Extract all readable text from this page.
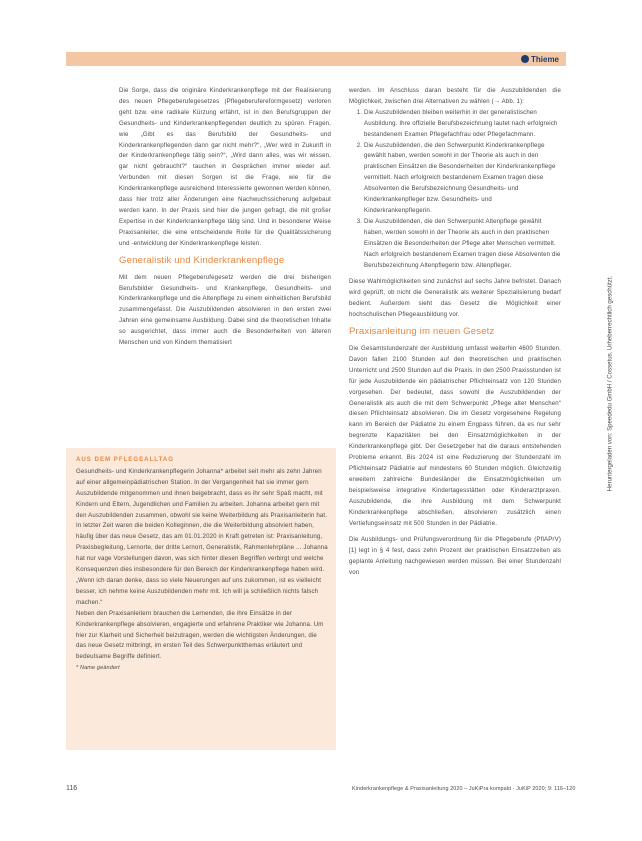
Thieme

Die Sorge, dass die originäre Kinderkrankenpflege mit der Realisierung des neuen Pflegeberufegesetzes (Pflegeberufereformgesetz) verloren geht bzw. eine radikale Kürzung erfährt, ist in den Berufsgruppen der Gesundheits- und Kinderkrankenpflegenden deutlich zu spüren. Fragen, wie „Gibt es das Berufsbild der Gesundheits- und Kinderkrankenpflegenden dann gar nicht mehr?“, „Wer wird in Zukunft in der Kinderkrankenpflege tätig sein?“, „Wird dann alles, was wir wissen, gar nicht gebraucht?“ tauchen in Gesprächen immer wieder auf. Verbunden mit diesen Sorgen ist die Frage, wie für die Kinderkrankenpflege ausreichend Interessierte gewonnen werden können, dass hier trotz aller Änderungen eine Nachwuchssicherung aufgebaut werden kann. In der Praxis sind hier die jungen gefragt, die mit großer Expertise in der Kinderkrankenpflege tätig sind. Und in besonderer Weise Praxisanleiter, die eine entscheidende Rolle für die Qualitätssicherung und -entwicklung der Kinderkrankenpflege leisten.

Generalistik und Kinderkrankenpflege

Mit dem neuen Pflegeberufegesetz werden die drei bisherigen Berufsbilder Gesundheits- und Krankenpflege, Gesundheits- und Kinderkrankenpflege und die Altenpflege zu einem einheitlichen Berufsbild zusammengefasst. Die Auszubildenden absolvieren in den ersten zwei Jahren eine gemeinsame Ausbildung. Dabei sind die theoretischen Inhalte so ausgerichtet, dass immer auch die Besonderheiten von älteren Menschen und von Kindern thematisiert

AUS DEM PFLEGEALLTAG

Gesundheits- und Kinderkrankenpflegerin Johanna* arbeitet seit mehr als zehn Jahren auf einer allgemeinpädiatrischen Station. In der Vergangenheit hat sie immer gern Auszubildende mitgenommen und ihnen beigebracht, dass es ihr sehr Spaß macht, mit Kindern und Eltern, Jugendlichen und Familien zu arbeiten. Johanna arbeitet gern mit den Auszubildenden zusammen, obwohl sie keine Weiterbildung als Praxisanleiterin hat. In letzter Zeit waren die beiden Kolleginnen, die die Weiterbildung absolviert haben, häufig über das neue Gesetz, das am 01.01.2020 in Kraft getreten ist: Praxisanleitung, Praxisbegleitung, Lernorte, der dritte Lernort, Generalistik, Rahmenlehrpläne ... Johanna hat nur vage Vorstellungen davon, was sich hinter diesen Begriffen verbirgt und welche Konsequenzen dies insbesondere für den Bereich der Kinderkrankenpflege haben wird. „Wenn ich daran denke, dass so viele Neuerungen auf uns zukommen, ist es vielleicht besser, ich nehme keine Auszubildenden mehr mit. Ich will ja schließlich nichts falsch machen.“

Neben den Praxisanleitern brauchen die Lernenden, die ihre Einsätze in der Kinderkrankenpflege absolvieren, engagierte und erfahrene Praktiker wie Johanna. Um hier zur Klarheit und Sicherheit beizutragen, werden die wichtigsten Änderungen, die das neue Gesetz mitbringt, im ersten Teil des Schwerpunktthemas erläutert und bedeutsame Begriffe definiert.

* Name geändert

werden. Im Anschluss daran besteht für die Auszubildenden die Möglichkeit, zwischen drei Alternativen zu wählen (→ Abb. 1):

1. Die Auszubildenden bleiben weiterhin in der generalistischen Ausbildung. Ihre offizielle Berufsbezeichnung lautet nach erfolgreich bestandenem Examen Pflegefachfrau oder Pflegefachmann.
2. Die Auszubildenden, die den Schwerpunkt Kinderkrankenpflege gewählt haben, werden sowohl in der Theorie als auch in den praktischen Einsätzen die Besonderheiten der Kinderkrankenpflege vermittelt. Nach erfolgreich bestandenem Examen tragen diese Absolventen die Berufsbezeichnung Gesundheits- und Kinderkrankenpfleger bzw. Gesundheits- und Kinderkrankenpflegerin.
3. Die Auszubildenden, die den Schwerpunkt Altenpflege gewählt haben, werden sowohl in der Theorie als auch in den praktischen Einsätzen die Besonderheiten der Pflege alter Menschen vermittelt. Nach erfolgreich bestandenem Examen tragen diese Absolventen die Berufsbezeichnung Altenpflegerin bzw. Altenpfleger.

Diese Wahlmöglichkeiten sind zunächst auf sechs Jahre befristet. Danach wird geprüft, ob nicht die Generalistik als weiterer Spezialisierung bedarf bedient. Außerdem sieht das Gesetz die Möglichkeit einer hochschulischen Pflegeausbildung vor.

Praxisanleitung im neuen Gesetz

Die Gesamtstundenzahl der Ausbildung umfasst weiterhin 4600 Stunden. Davon fallen 2100 Stunden auf den theoretischen und praktischen Unterricht und 2500 Stunden auf die Praxis. In den 2500 Praxisstunden ist für jede Auszubildende ein pädiatrischer Pflichteinsatz von 120 Stunden vorgesehen. Der bedeutet, dass sowohl die Auszubildenden der Generalistik als auch die mit dem Schwerpunkt „Pflege alter Menschen“ diesen Pflichteinsatz absolvieren. Die im Gesetz vorgesehene Regelung kann im Bereich der Pädiatrie zu einem Engpass führen, da es nur sehr begrenzte Kapazitäten bei den Einsatzmöglichkeiten in der Kinderkrankenpflege gibt. Der Gesetzgeber hat die daraus entstehenden Probleme erkannt. Bis 2024 ist eine Reduzierung der Stundenzahl im Pflichteinsatz Pädiatrie auf mindestens 60 Stunden möglich. Gleichzeitig erweitern zahlreiche Bundesländer die Einsatzmöglichkeiten um beispielsweise integrative Kindertagesstätten oder Kinderarztpraxen. Auszubildende, die ihre Ausbildung mit dem Schwerpunkt Kinderkrankenpflege abschließen, absolvieren zusätzlich einen Vertiefungseinsatz mit 500 Stunden in der Pädiatrie.

Die Ausbildungs- und Prüfungsverordnung für die Pflegeberufe (PflAPrV) [1] legt in § 4 fest, dass zehn Prozent der praktischen Einsatzzeiten als geplante Anleitung nachgewiesen werden müssen. Bei einer Stundenzahl von

Heruntergeladen von: Speededu GmbH / Cossetus. Urheberrechtlich geschützt.
116	Kinderkrankenpflege & Praxisanleitung 2020 – JuKiPra kompakt · JuKiP 2020; 9: 116–120
